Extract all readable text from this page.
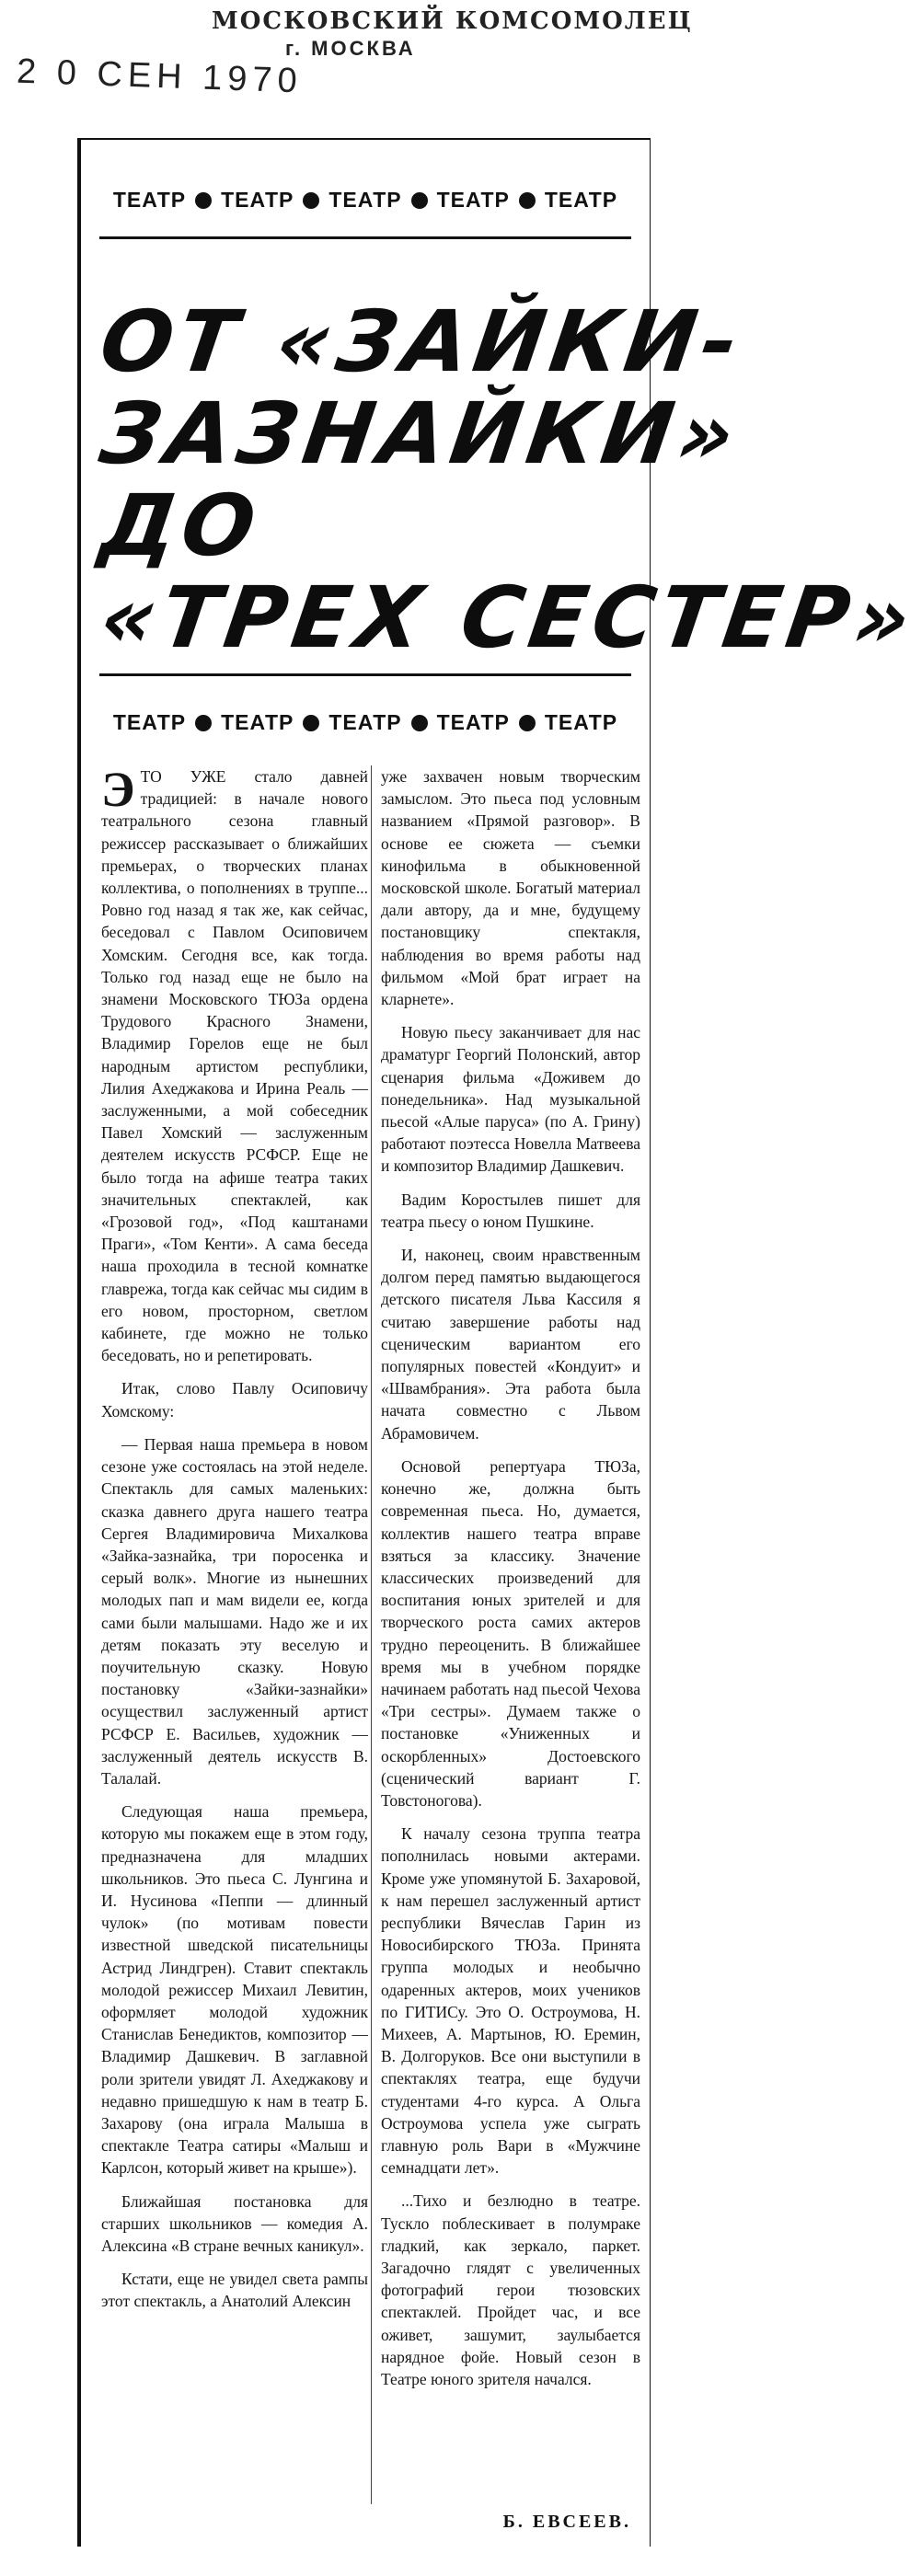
МОСКОВСКИЙ КОМСОМОЛЕЦ
г. МОСКВА
2 0 СЕН 1970
ТЕАТР ТЕАТР ТЕАТР ТЕАТР ТЕАТР
ОТ «ЗАЙКИ-
ЗАЗНАЙКИ»
ДО
«ТРЕХ СЕСТЕР»
ТЕАТР ТЕАТР ТЕАТР ТЕАТР ТЕАТР

ЭТО УЖЕ стало давней традицией: в начале нового театрального сезона главный режиссер рассказывает о ближайших премьерах, о творческих планах коллектива, о пополнениях в труппе... Ровно год назад я так же, как сейчас, беседовал с Павлом Осиповичем Хомским. Сегодня все, как тогда. Только год назад еще не было на знамени Московского ТЮЗа ордена Трудового Красного Знамени, Владимир Горелов еще не был народным артистом республики, Лилия Ахеджакова и Ирина Реаль — заслуженными, а мой собеседник Павел Хомский — заслуженным деятелем искусств РСФСР. Еще не было тогда на афише театра таких значительных спектаклей, как «Грозовой год», «Под каштанами Праги», «Том Кенти». А сама беседа наша проходила в тесной комнатке главрежа, тогда как сейчас мы сидим в его новом, просторном, светлом кабинете, где можно не только беседовать, но и репетировать.

Итак, слово Павлу Осиповичу Хомскому:

— Первая наша премьера в новом сезоне уже состоялась на этой неделе. Спектакль для самых маленьких: сказка давнего друга нашего театра Сергея Владимировича Михалкова «Зайка-зазнайка, три поросенка и серый волк». Многие из нынешних молодых пап и мам видели ее, когда сами были малышами. Надо же и их детям показать эту веселую и поучительную сказку. Новую постановку «Зайки-зазнайки» осуществил заслуженный артист РСФСР Е. Васильев, художник — заслуженный деятель искусств В. Талалай.

Следующая наша премьера, которую мы покажем еще в этом году, предназначена для младших школьников. Это пьеса С. Лунгина и И. Нусинова «Пеппи — длинный чулок» (по мотивам повести известной шведской писательницы Астрид Линдгрен). Ставит спектакль молодой режиссер Михаил Левитин, оформляет молодой художник Станислав Бенедиктов, композитор — Владимир Дашкевич. В заглавной роли зрители увидят Л. Ахеджакову и недавно пришедшую к нам в театр Б. Захарову (она играла Малыша в спектакле Театра сатиры «Малыш и Карлсон, который живет на крыше»).

Ближайшая постановка для старших школьников — комедия А. Алексина «В стране вечных каникул».

Кстати, еще не увидел света рампы этот спектакль, а Анатолий Алексин

уже захвачен новым творческим замыслом. Это пьеса под условным названием «Прямой разговор». В основе ее сюжета — съемки кинофильма в обыкновенной московской школе. Богатый материал дали автору, да и мне, будущему постановщику спектакля, наблюдения во время работы над фильмом «Мой брат играет на кларнете».

Новую пьесу заканчивает для нас драматург Георгий Полонский, автор сценария фильма «Доживем до понедельника». Над музыкальной пьесой «Алые паруса» (по А. Грину) работают поэтесса Новелла Матвеева и композитор Владимир Дашкевич.

Вадим Коростылев пишет для театра пьесу о юном Пушкине.

И, наконец, своим нравственным долгом перед памятью выдающегося детского писателя Льва Кассиля я считаю завершение работы над сценическим вариантом его популярных повестей «Кондуит» и «Швамбрания». Эта работа была начата совместно с Львом Абрамовичем.

Основой репертуара ТЮЗа, конечно же, должна быть современная пьеса. Но, думается, коллектив нашего театра вправе взяться за классику. Значение классических произведений для воспитания юных зрителей и для творческого роста самих актеров трудно переоценить. В ближайшее время мы в учебном порядке начинаем работать над пьесой Чехова «Три сестры». Думаем также о постановке «Униженных и оскорбленных» Достоевского (сценический вариант Г. Товстоногова).

К началу сезона труппа театра пополнилась новыми актерами. Кроме уже упомянутой Б. Захаровой, к нам перешел заслуженный артист республики Вячеслав Гарин из Новосибирского ТЮЗа. Принята группа молодых и необычно одаренных актеров, моих учеников по ГИТИСу. Это О. Остроумова, Н. Михеев, А. Мартынов, Ю. Еремин, В. Долгоруков. Все они выступили в спектаклях театра, еще будучи студентами 4-го курса. А Ольга Остроумова успела уже сыграть главную роль Вари в «Мужчине семнадцати лет».

...Тихо и безлюдно в театре. Тускло поблескивает в полумраке гладкий, как зеркало, паркет. Загадочно глядят с увеличенных фотографий герои тюзовских спектаклей. Пройдет час, и все оживет, зашумит, заулыбается нарядное фойе. Новый сезон в Театре юного зрителя начался.

Б. ЕВСЕЕВ.
